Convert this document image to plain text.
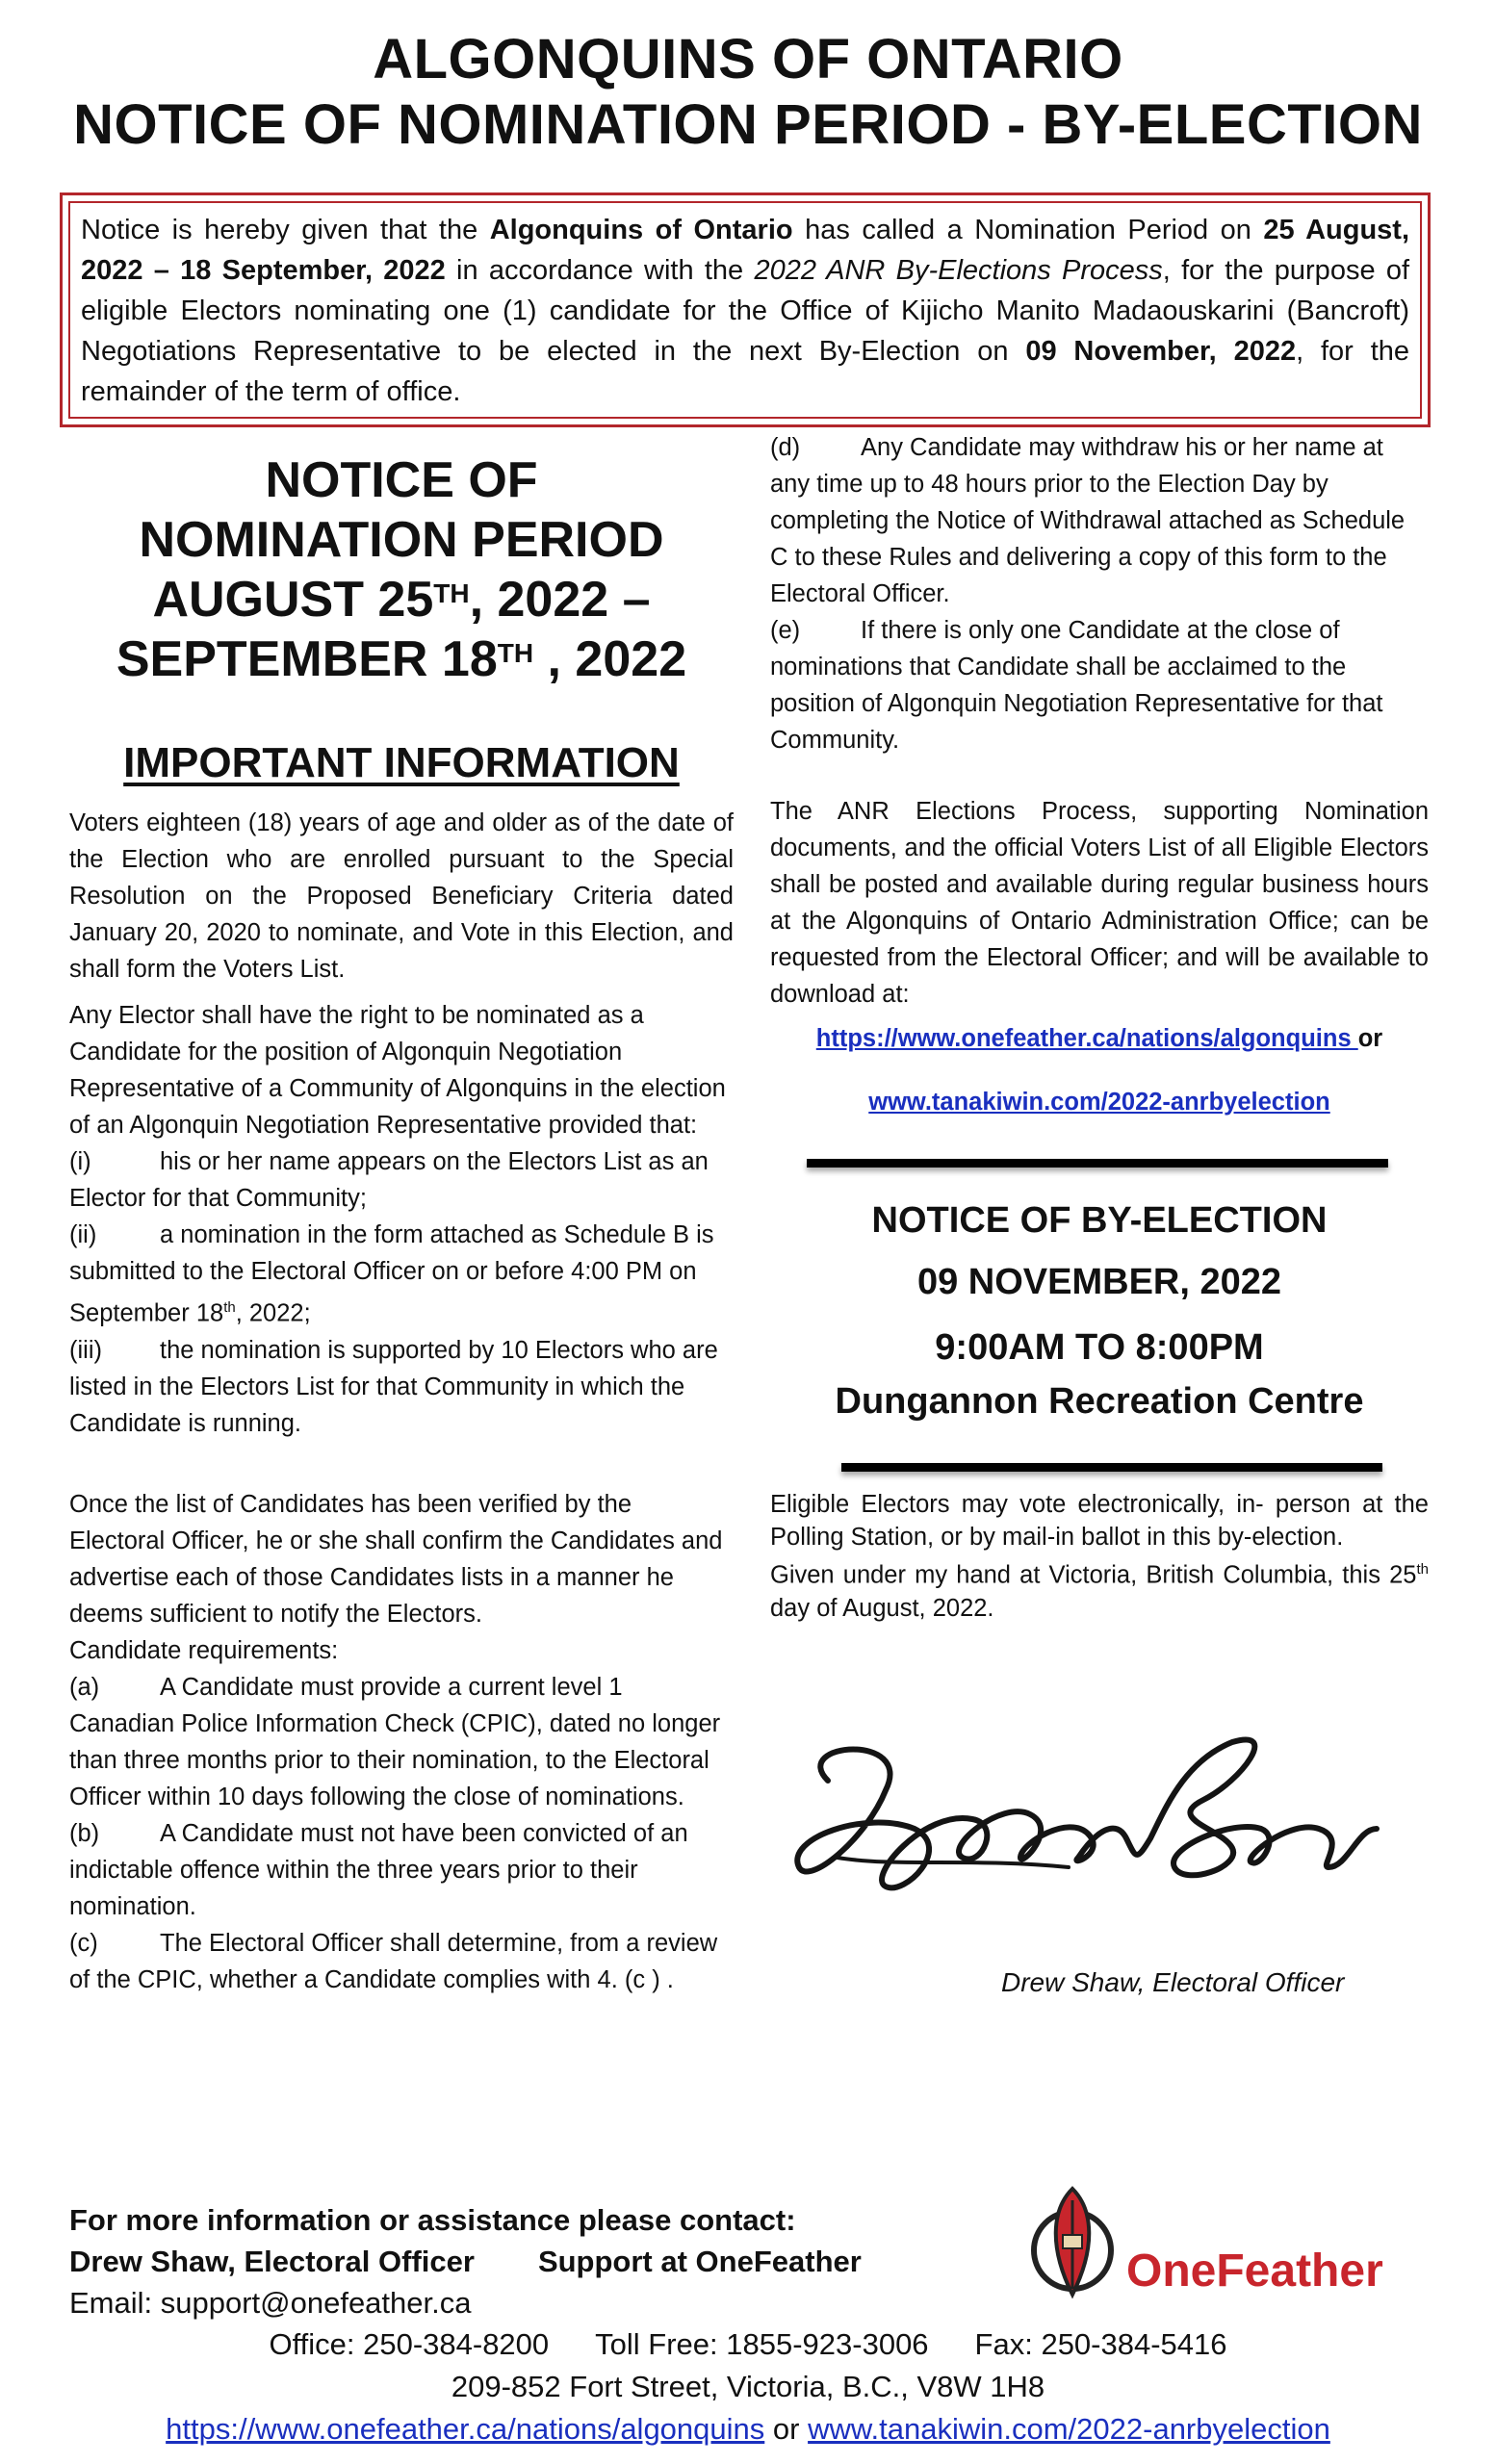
ALGONQUINS OF ONTARIO
NOTICE OF NOMINATION PERIOD - BY-ELECTION
Notice is hereby given that the Algonquins of Ontario has called a Nomination Period on 25 August, 2022 – 18 September, 2022 in accordance with the 2022 ANR By-Elections Process, for the purpose of eligible Electors nominating one (1) candidate for the Office of Kijicho Manito Madaouskarini (Bancroft) Negotiations Representative to be elected in the next By-Election on 09 November, 2022, for the remainder of the term of office.
NOTICE OF
NOMINATION PERIOD
AUGUST 25TH, 2022 –
SEPTEMBER 18TH , 2022
IMPORTANT INFORMATION
Voters eighteen (18) years of age and older as of the date of the Election who are enrolled pursuant to the Special Resolution on the Proposed Beneficiary Criteria dated January 20, 2020 to nominate, and Vote in this Election, and shall form the Voters List.
Any Elector shall have the right to be nominated as a Candidate for the position of Algonquin Negotiation Representative of a Community of Algonquins in the election of an Algonquin Negotiation Representative provided that:
(i)	his or her name appears on the Electors List as an Elector for that Community;
(ii)	a nomination in the form attached as Schedule B is submitted to the Electoral Officer on or before 4:00 PM on September 18th, 2022;
(iii) the nomination is supported by 10 Electors who are listed in the Electors List for that Community in which the Candidate is running.
Once the list of Candidates has been verified by the Electoral Officer, he or she shall confirm the Candidates and advertise each of those Candidates lists in a manner he deems sufficient to notify the Electors.
Candidate requirements:
(a) A Candidate must provide a current level 1 Canadian Police Information Check (CPIC), dated no longer than three months prior to their nomination, to the Electoral Officer within 10 days following the close of nominations.
(b) A Candidate must not have been convicted of an indictable offence within the three years prior to their nomination.
(c)	The Electoral Officer shall determine, from a review of the CPIC, whether a Candidate complies with 4. (c ) .
(d) Any Candidate may withdraw his or her name at any time up to 48 hours prior to the Election Day by completing the Notice of Withdrawal attached as Schedule C to these Rules and delivering a copy of this form to the Electoral Officer.
(e) If there is only one Candidate at the close of nominations that Candidate shall be acclaimed to the position of Algonquin Negotiation Representative for that Community.
The ANR Elections Process, supporting Nomination documents, and the official Voters List of all Eligible Electors shall be posted and available during regular business hours at the Algonquins of Ontario Administration Office; can be requested from the Electoral Officer; and will be available to download at:
https://www.onefeather.ca/nations/algonquins or
www.tanakiwin.com/2022-anrbyelection
NOTICE OF BY-ELECTION
09 NOVEMBER, 2022
9:00AM TO 8:00PM
Dungannon Recreation Centre
Eligible Electors may vote electronically, in- person at the Polling Station, or by mail-in ballot in this by-election.
Given under my hand at Victoria, British Columbia, this 25th day of August, 2022.
Drew Shaw, Electoral Officer
For more information or assistance please contact:
Drew Shaw, Electoral Officer Support at OneFeather
Email: support@onefeather.ca
Office: 250-384-8200 Toll Free: 1855-923-3006 Fax: 250-384-5416
209-852 Fort Street, Victoria, B.C., V8W 1H8
https://www.onefeather.ca/nations/algonquins or www.tanakiwin.com/2022-anrbyelection
OneFeather
